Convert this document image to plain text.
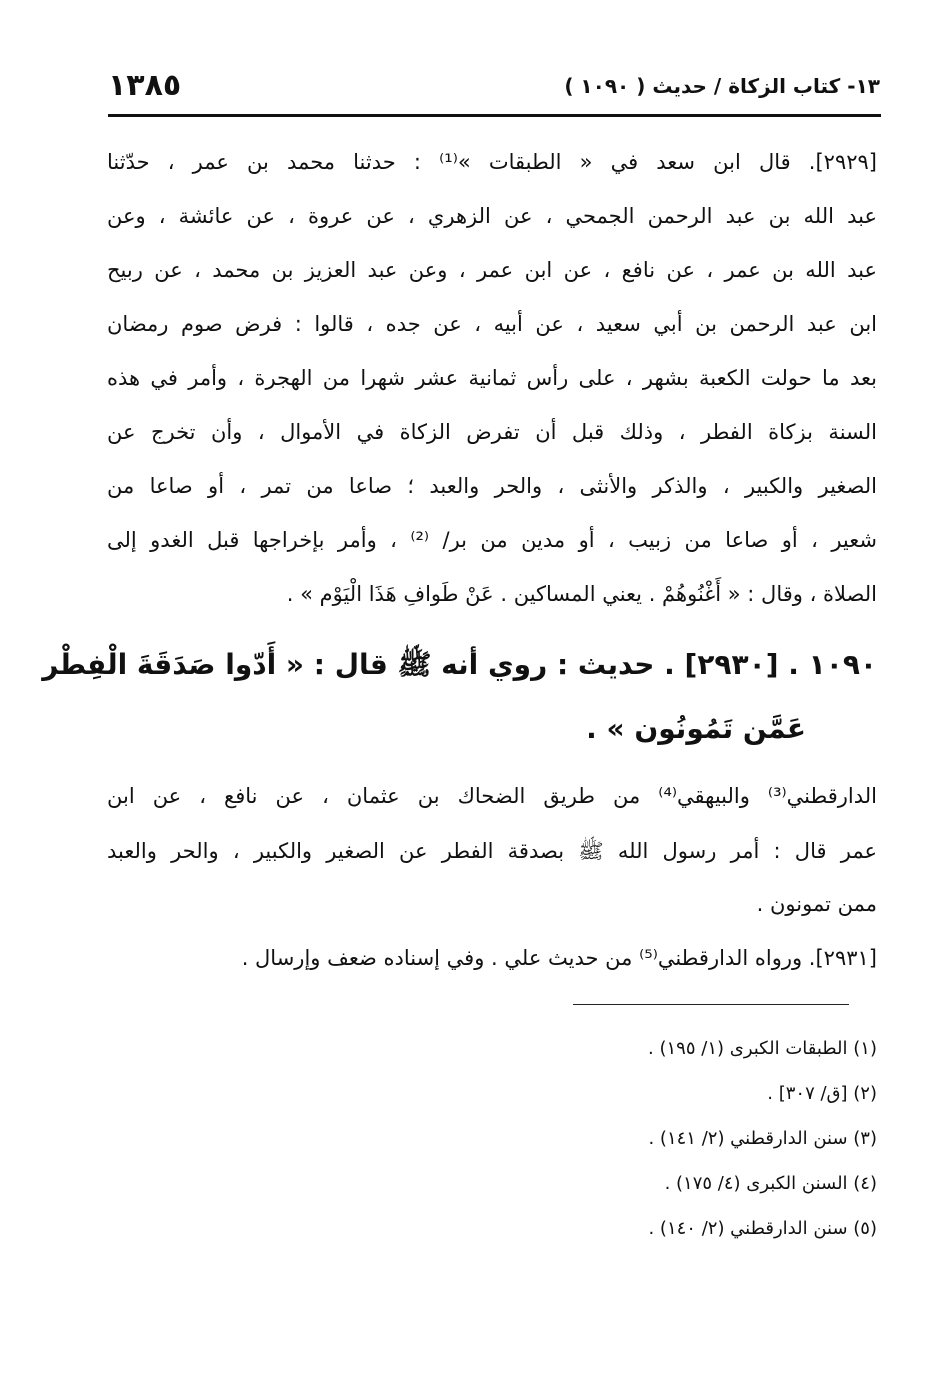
١٣- كتاب الزكاة / حديث ( ١٠٩٠ )
١٣٨٥
[٢٩٢٩]. قال ابن سعد في « الطبقات »⁽¹⁾ : حدثنا محمد بن عمر ، حدّثنا
عبد الله بن عبد الرحمن الجمحي ، عن الزهري ، عن عروة ، عن عائشة ، وعن
عبد الله بن عمر ، عن نافع ، عن ابن عمر ، وعن عبد العزيز بن محمد ، عن ربيح
ابن عبد الرحمن بن أبي سعيد ، عن أبيه ، عن جده ، قالوا : فرض صوم رمضان
بعد ما حولت الكعبة بشهر ، على رأس ثمانية عشر شهرا من الهجرة ، وأمر في هذه
السنة بزكاة الفطر ، وذلك قبل أن تفرض الزكاة في الأموال ، وأن تخرج عن
الصغير والكبير ، والذكر والأنثى ، والحر والعبد ؛ صاعا من تمر ، أو صاعا من
شعير ، أو صاعا من زبيب ، أو مدين من بر/ ⁽²⁾ ، وأمر بإخراجها قبل الغدو إلى
الصلاة ، وقال : « أَغْنُوهُمْ . يعني المساكين . عَنْ طَوافِ هَذَا الْيَوْم » .
١٠٩٠ . [٢٩٣٠] . حديث : روي أنه ﷺ قال : « أَدّوا صَدَقَةَ الْفِطْر
عَمَّن تَمُونُون » .
الدارقطني⁽³⁾ والبيهقي⁽⁴⁾ من طريق الضحاك بن عثمان ، عن نافع ، عن ابن
عمر قال : أمر رسول الله ﷺ بصدقة الفطر عن الصغير والكبير ، والحر والعبد
ممن تمونون .
[٢٩٣١]. ورواه الدارقطني⁽⁵⁾ من حديث علي . وفي إسناده ضعف وإرسال .
(١) الطبقات الكبرى (١/ ١٩٥) .
(٢) [ق/ ٣٠٧] .
(٣) سنن الدارقطني (٢/ ١٤١) .
(٤) السنن الكبرى (٤/ ١٧٥) .
(٥) سنن الدارقطني (٢/ ١٤٠) .
